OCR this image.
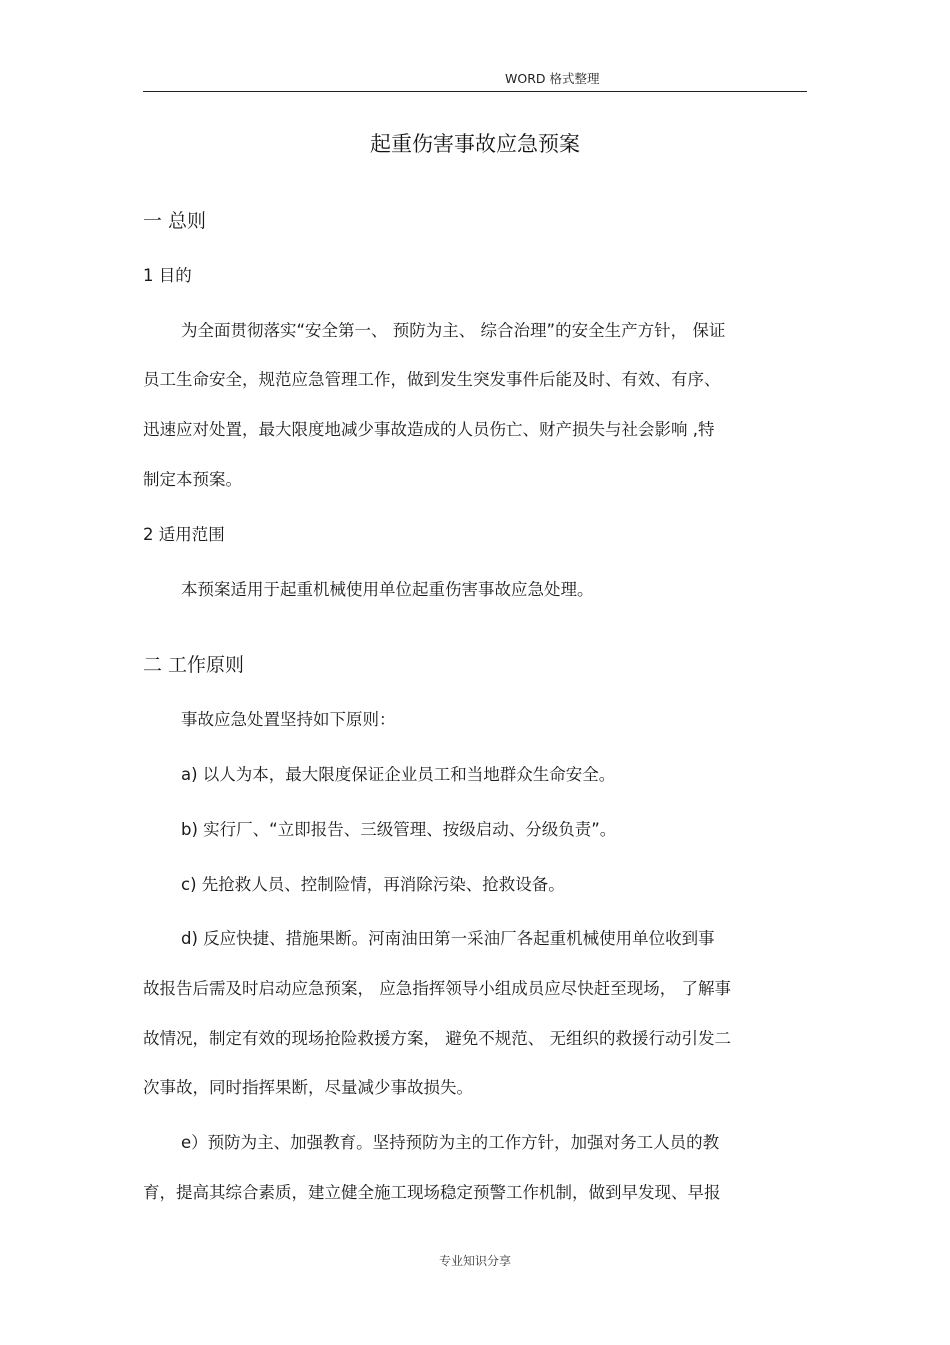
WORD 格式整理
起重伤害事故应急预案
一 总则
1 目的
为全面贯彻落实“安全第一、 预防为主、 综合治理”的安全生产方针， 保证
员工生命安全，规范应急管理工作，做到发生突发事件后能及时、有效、有序、
迅速应对处置，最大限度地减少事故造成的人员伤亡、财产损失与社会影响 ,特
制定本预案。
2 适用范围
本预案适用于起重机械使用单位起重伤害事故应急处理。
二 工作原则
事故应急处置坚持如下原则：
a) 以人为本，最大限度保证企业员工和当地群众生命安全。
b) 实行厂、“立即报告、三级管理、按级启动、分级负责”。
c) 先抢救人员、控制险情，再消除污染、抢救设备。
d) 反应快捷、措施果断。河南油田第一采油厂各起重机械使用单位收到事
故报告后需及时启动应急预案， 应急指挥领导小组成员应尽快赶至现场， 了解事
故情况，制定有效的现场抢险救援方案， 避免不规范、 无组织的救援行动引发二
次事故，同时指挥果断，尽量减少事故损失。
e）预防为主、加强教育。坚持预防为主的工作方针，加强对务工人员的教
育，提高其综合素质，建立健全施工现场稳定预警工作机制，做到早发现、早报
专业知识分享
